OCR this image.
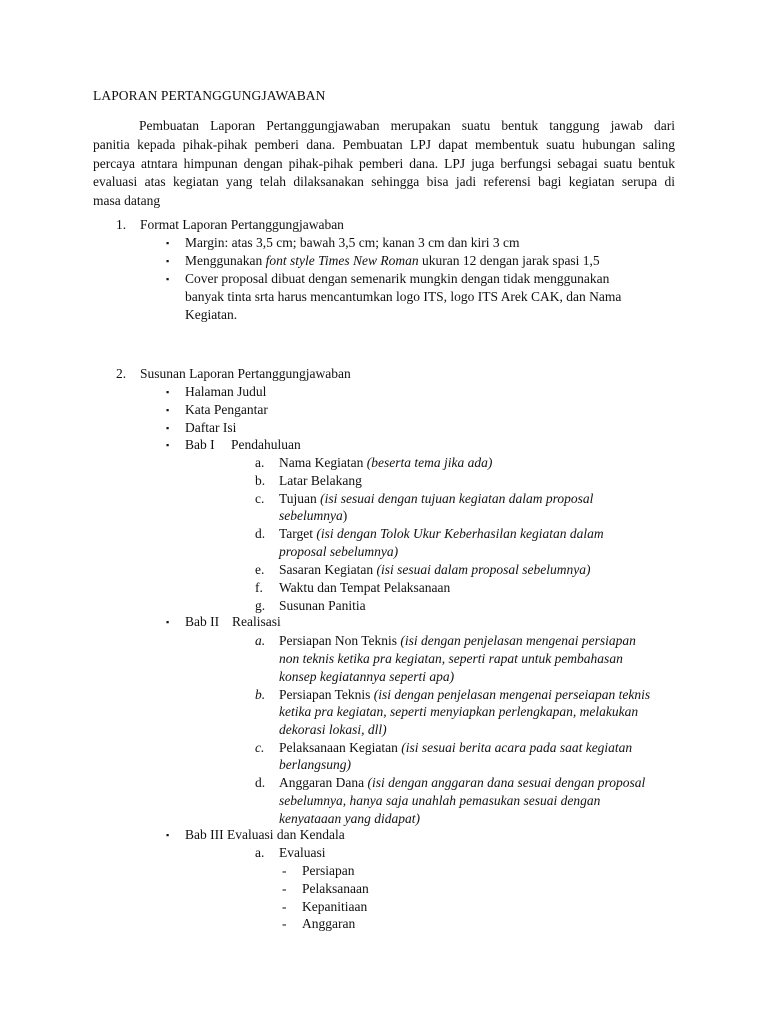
LAPORAN PERTANGGUNGJAWABAN
Pembuatan Laporan Pertanggungjawaban merupakan suatu bentuk tanggung jawab dari
panitia kepada pihak-pihak pemberi dana. Pembuatan LPJ dapat membentuk suatu hubungan saling
percaya atntara himpunan dengan pihak-pihak pemberi dana. LPJ juga berfungsi sebagai suatu bentuk
evaluasi atas kegiatan yang telah dilaksanakan sehingga bisa jadi referensi bagi kegiatan serupa di
masa datang
1. Format Laporan Pertanggungjawaban
▪ Margin: atas 3,5 cm; bawah 3,5 cm; kanan 3 cm dan kiri 3 cm
▪ Menggunakan font style Times New Roman ukuran 12 dengan jarak spasi 1,5
▪ Cover proposal dibuat dengan semenarik mungkin dengan tidak menggunakan
banyak tinta srta harus mencantumkan logo ITS, logo ITS Arek CAK, dan Nama
Kegiatan.
2. Susunan Laporan Pertanggungjawaban
▪ Halaman Judul
▪ Kata Pengantar
▪ Daftar Isi
▪ Bab I Pendahuluan
a. Nama Kegiatan (beserta tema jika ada)
b. Latar Belakang
c. Tujuan (isi sesuai dengan tujuan kegiatan dalam proposal
sebelumnya)
d. Target (isi dengan Tolok Ukur Keberhasilan kegiatan dalam
proposal sebelumnya)
e. Sasaran Kegiatan (isi sesuai dalam proposal sebelumnya)
f. Waktu dan Tempat Pelaksanaan
g. Susunan Panitia
▪ Bab II Realisasi
a. Persiapan Non Teknis (isi dengan penjelasan mengenai persiapan
non teknis ketika pra kegiatan, seperti rapat untuk pembahasan
konsep kegiatannya seperti apa)
b. Persiapan Teknis (isi dengan penjelasan mengenai perseiapan teknis
ketika pra kegiatan, seperti menyiapkan perlengkapan, melakukan
dekorasi lokasi, dll)
c. Pelaksanaan Kegiatan (isi sesuai berita acara pada saat kegiatan
berlangsung)
d. Anggaran Dana (isi dengan anggaran dana sesuai dengan proposal
sebelumnya, hanya saja unahlah pemasukan sesuai dengan
kenyataaan yang didapat)
▪ Bab III Evaluasi dan Kendala
a. Evaluasi
- Persiapan
- Pelaksanaan
- Kepanitiaan
- Anggaran
